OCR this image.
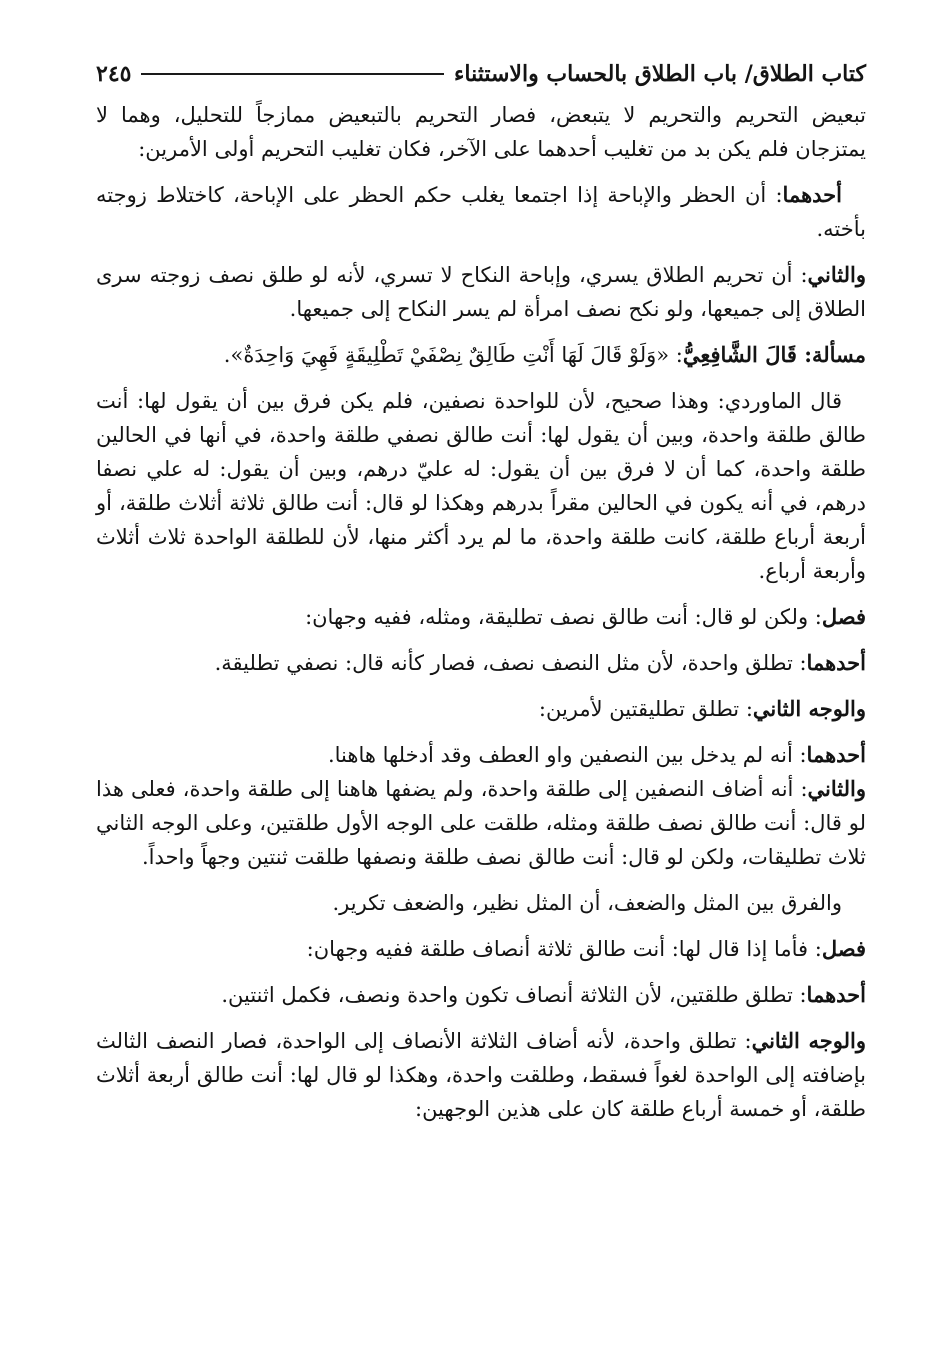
كتاب الطلاق/ باب الطلاق بالحساب والاستثناء
٢٤٥

تبعيض التحريم والتحريم لا يتبعض، فصار التحريم بالتبعيض ممازجاً للتحليل، وهما لا يمتزجان فلم يكن بد من تغليب أحدهما على الآخر، فكان تغليب التحريم أولى الأمرين:

أحدهما: أن الحظر والإباحة إذا اجتمعا يغلب حكم الحظر على الإباحة، كاختلاط زوجته بأخته.

والثاني: أن تحريم الطلاق يسري، وإباحة النكاح لا تسري، لأنه لو طلق نصف زوجته سرى الطلاق إلى جميعها، ولو نكح نصف امرأة لم يسر النكاح إلى جميعها.

مسألة: قَالَ الشَّافِعِيُّ: «وَلَوْ قَالَ لَهَا أَنْتِ طَالِقٌ نِصْفَيْ تَطْلِيقَةٍ فَهِيَ وَاحِدَةٌ».

قال الماوردي: وهذا صحيح، لأن للواحدة نصفين، فلم يكن فرق بين أن يقول لها: أنت طالق طلقة واحدة، وبين أن يقول لها: أنت طالق نصفي طلقة واحدة، في أنها في الحالين طلقة واحدة، كما أن لا فرق بين أن يقول: له عليّ درهم، وبين أن يقول: له علي نصفا درهم، في أنه يكون في الحالين مقراً بدرهم وهكذا لو قال: أنت طالق ثلاثة أثلاث طلقة، أو أربعة أرباع طلقة، كانت طلقة واحدة، ما لم يرد أكثر منها، لأن للطلقة الواحدة ثلاث أثلاث وأربعة أرباع.

فصل: ولكن لو قال: أنت طالق نصف تطليقة، ومثله، ففيه وجهان:

أحدهما: تطلق واحدة، لأن مثل النصف نصف، فصار كأنه قال: نصفي تطليقة.

والوجه الثاني: تطلق تطليقتين لأمرين:

أحدهما: أنه لم يدخل بين النصفين واو العطف وقد أدخلها هاهنا.

والثاني: أنه أضاف النصفين إلى طلقة واحدة، ولم يضفها هاهنا إلى طلقة واحدة، فعلى هذا لو قال: أنت طالق نصف طلقة ومثله، طلقت على الوجه الأول طلقتين، وعلى الوجه الثاني ثلاث تطليقات، ولكن لو قال: أنت طالق نصف طلقة ونصفها طلقت ثنتين وجهاً واحداً.

والفرق بين المثل والضعف، أن المثل نظير، والضعف تكرير.

فصل: فأما إذا قال لها: أنت طالق ثلاثة أنصاف طلقة ففيه وجهان:

أحدهما: تطلق طلقتين، لأن الثلاثة أنصاف تكون واحدة ونصف، فكمل اثنتين.

والوجه الثاني: تطلق واحدة، لأنه أضاف الثلاثة الأنصاف إلى الواحدة، فصار النصف الثالث بإضافته إلى الواحدة لغواً فسقط، وطلقت واحدة، وهكذا لو قال لها: أنت طالق أربعة أثلاث طلقة، أو خمسة أرباع طلقة كان على هذين الوجهين:
